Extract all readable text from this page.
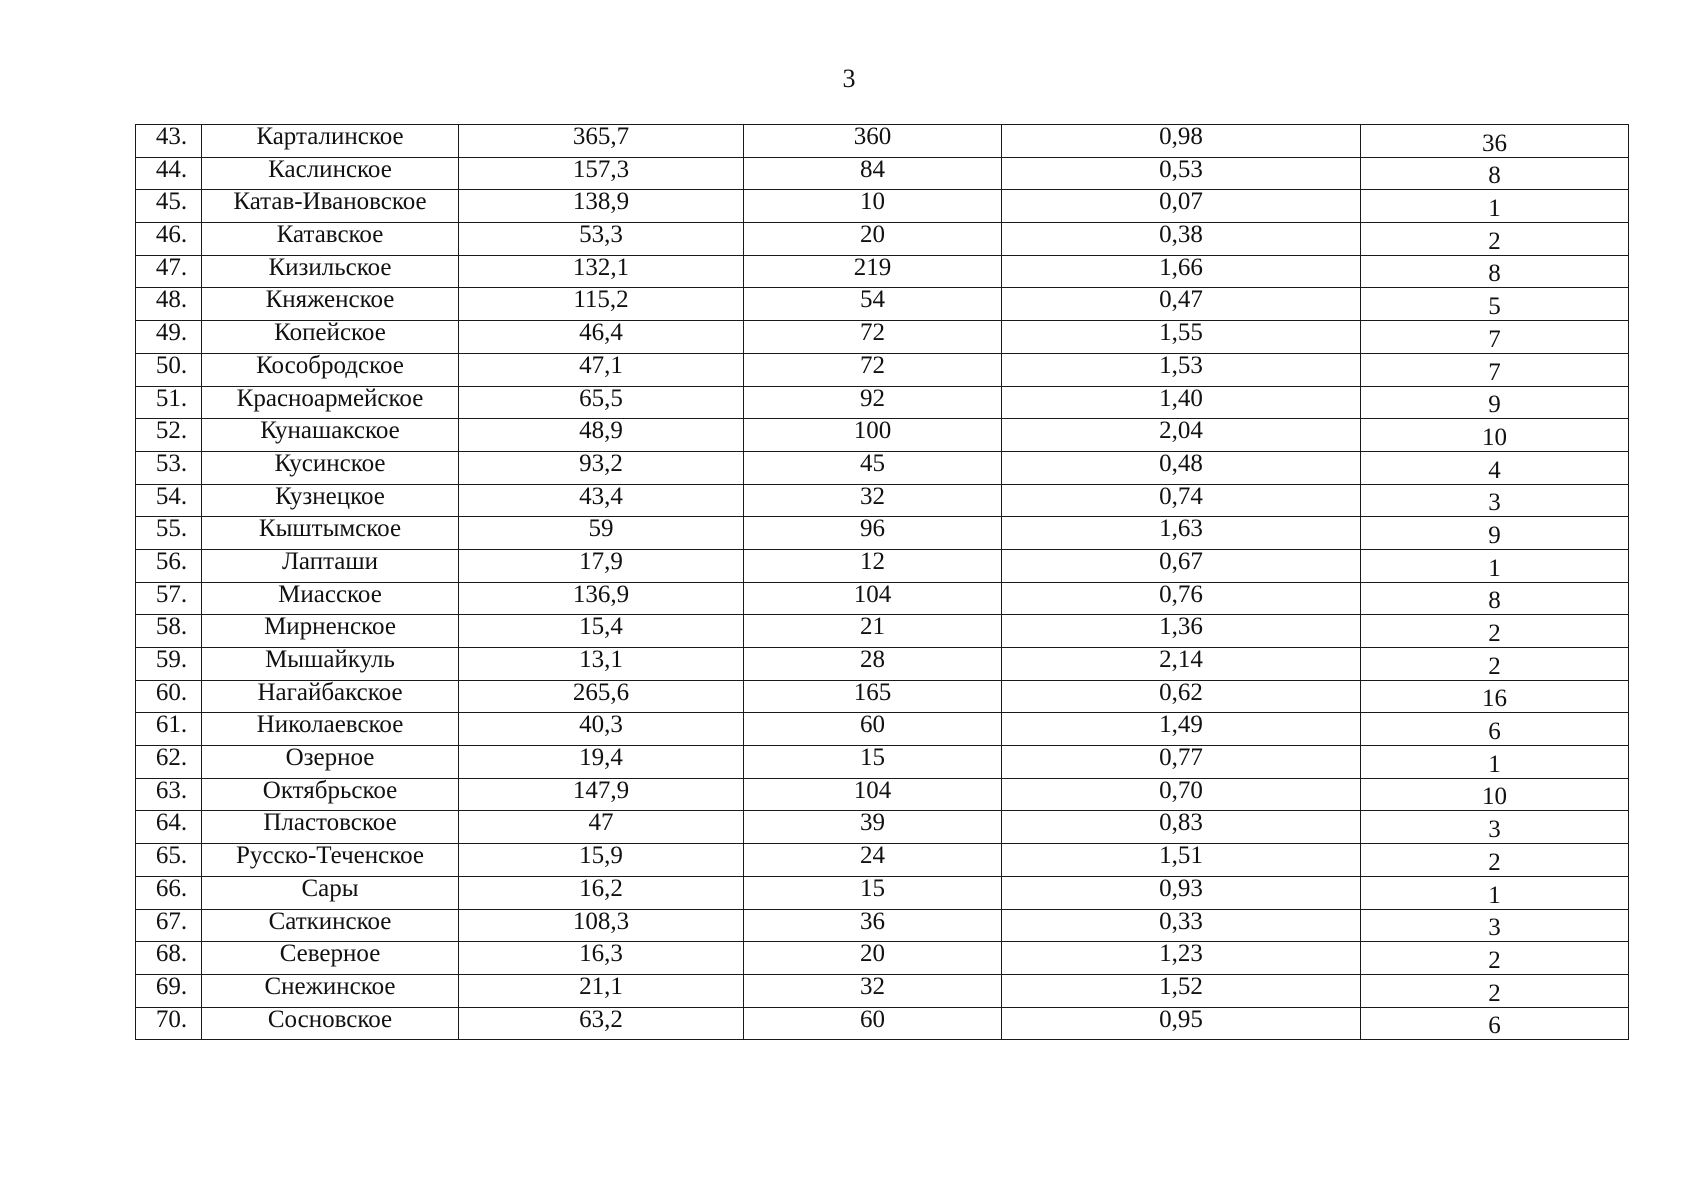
3
43.	Карталинское	365,7	360	0,98	36
44.	Каслинское	157,3	84	0,53	8
45.	Катав-Ивановское	138,9	10	0,07	1
46.	Катавское	53,3	20	0,38	2
47.	Кизильское	132,1	219	1,66	8
48.	Княженское	115,2	54	0,47	5
49.	Копейское	46,4	72	1,55	7
50.	Кособродское	47,1	72	1,53	7
51.	Красноармейское	65,5	92	1,40	9
52.	Кунашакское	48,9	100	2,04	10
53.	Кусинское	93,2	45	0,48	4
54.	Кузнецкое	43,4	32	0,74	3
55.	Кыштымское	59	96	1,63	9
56.	Лапташи	17,9	12	0,67	1
57.	Миасское	136,9	104	0,76	8
58.	Мирненское	15,4	21	1,36	2
59.	Мышайкуль	13,1	28	2,14	2
60.	Нагайбакское	265,6	165	0,62	16
61.	Николаевское	40,3	60	1,49	6
62.	Озерное	19,4	15	0,77	1
63.	Октябрьское	147,9	104	0,70	10
64.	Пластовское	47	39	0,83	3
65.	Русско-Теченское	15,9	24	1,51	2
66.	Сары	16,2	15	0,93	1
67.	Саткинское	108,3	36	0,33	3
68.	Северное	16,3	20	1,23	2
69.	Снежинское	21,1	32	1,52	2
70.	Сосновское	63,2	60	0,95	6
